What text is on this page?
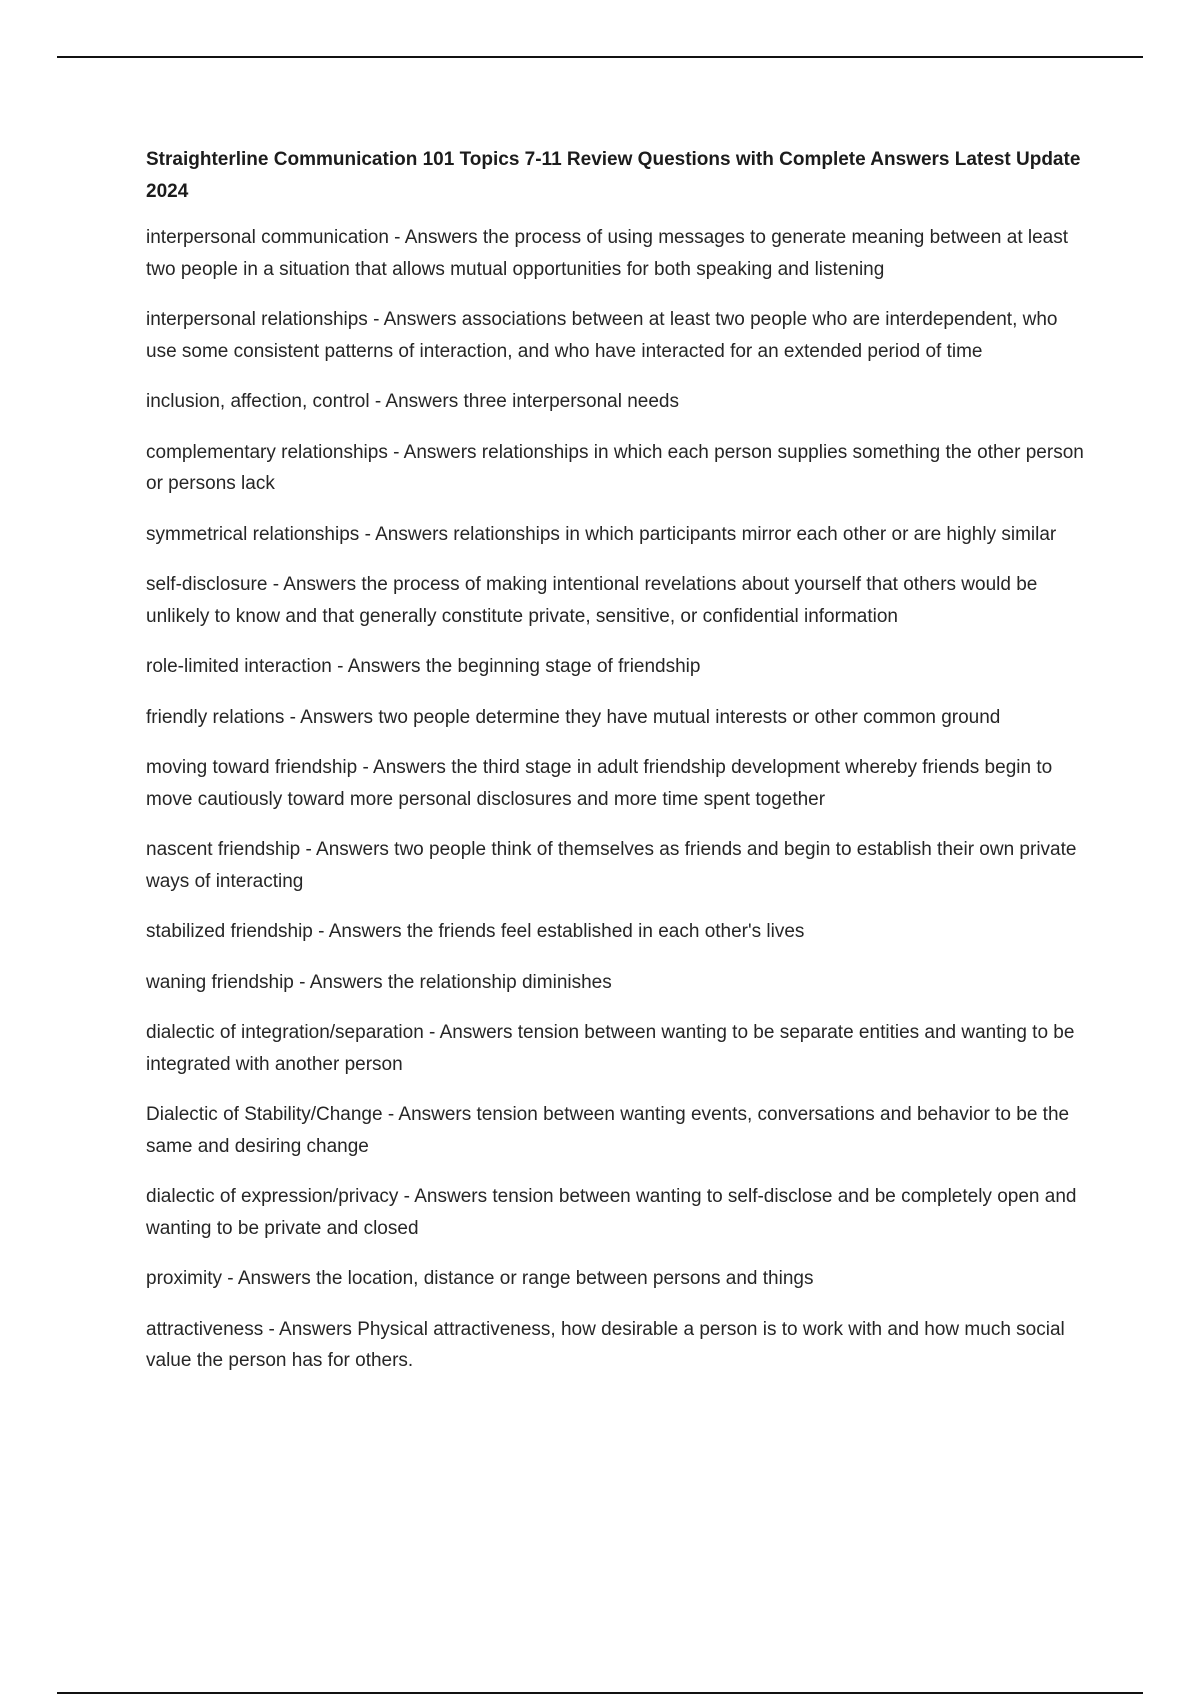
Straighterline Communication 101 Topics 7-11 Review Questions with Complete Answers Latest Update 2024
interpersonal communication - Answers the process of using messages to generate meaning between at least two people in a situation that allows mutual opportunities for both speaking and listening
interpersonal relationships - Answers associations between at least two people who are interdependent, who use some consistent patterns of interaction, and who have interacted for an extended period of time
inclusion, affection, control - Answers three interpersonal needs
complementary relationships - Answers relationships in which each person supplies something the other person or persons lack
symmetrical relationships - Answers relationships in which participants mirror each other or are highly similar
self-disclosure - Answers the process of making intentional revelations about yourself that others would be unlikely to know and that generally constitute private, sensitive, or confidential information
role-limited interaction - Answers the beginning stage of friendship
friendly relations - Answers two people determine they have mutual interests or other common ground
moving toward friendship - Answers the third stage in adult friendship development whereby friends begin to move cautiously toward more personal disclosures and more time spent together
nascent friendship - Answers two people think of themselves as friends and begin to establish their own private ways of interacting
stabilized friendship - Answers the friends feel established in each other's lives
waning friendship - Answers the relationship diminishes
dialectic of integration/separation - Answers tension between wanting to be separate entities and wanting to be integrated with another person
Dialectic of Stability/Change - Answers tension between wanting events, conversations and behavior to be the same and desiring change
dialectic of expression/privacy - Answers tension between wanting to self-disclose and be completely open and wanting to be private and closed
proximity - Answers the location, distance or range between persons and things
attractiveness - Answers Physical attractiveness, how desirable a person is to work with and how much social value the person has for others.
